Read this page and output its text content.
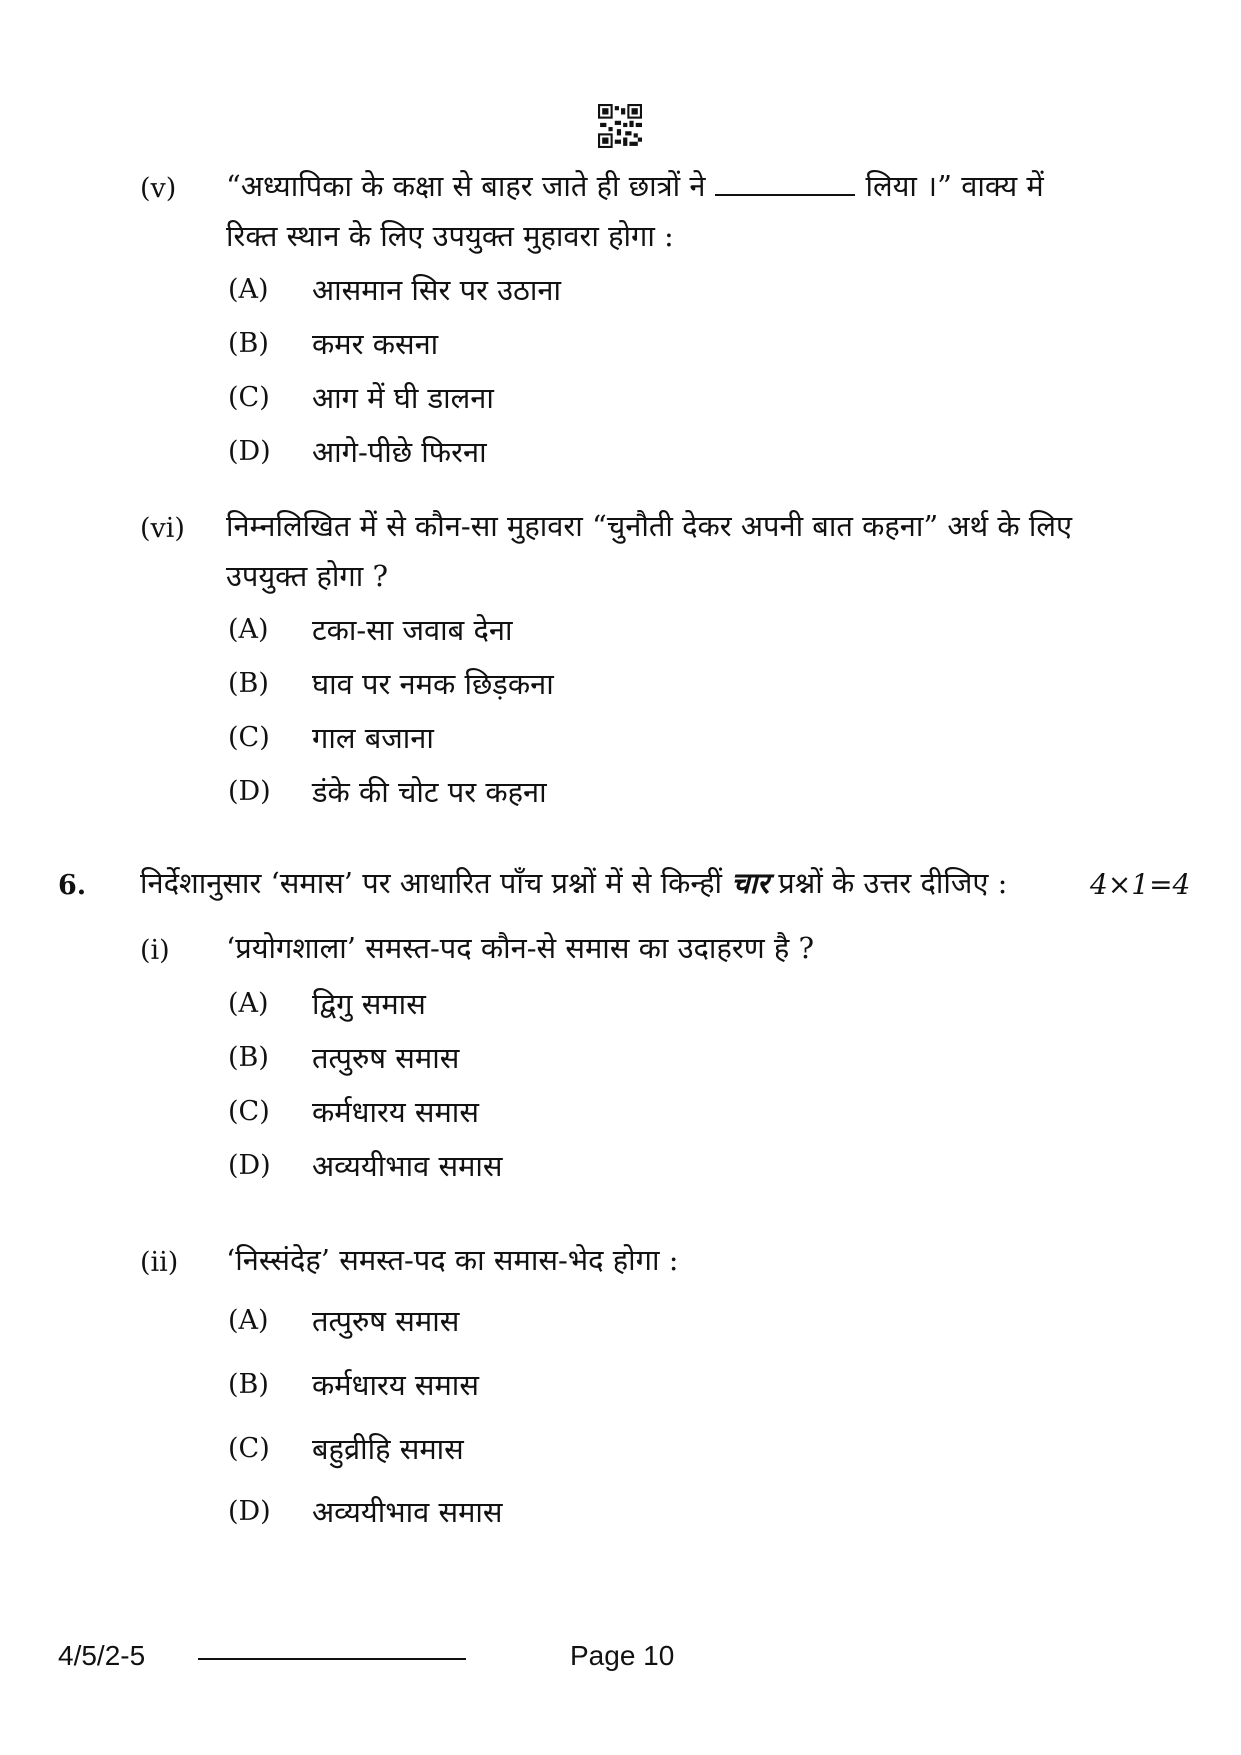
(v) “अध्यापिका के कक्षा से बाहर जाते ही छात्रों ने	लिया ।” वाक्य में
रिक्त स्थान के लिए उपयुक्त मुहावरा होगा :
(A) आसमान सिर पर उठाना
(B) कमर कसना
(C) आग में घी डालना
(D) आगे-पीछे फिरना
(vi) निम्नलिखित में से कौन-सा मुहावरा “चुनौती देकर अपनी बात कहना” अर्थ के लिए
उपयुक्त होगा ?
(A) टका-सा जवाब देना
(B) घाव पर नमक छिड़कना
(C) गाल बजाना
(D) डंके की चोट पर कहना
6. निर्देशानुसार ‘समास’ पर आधारित पाँच प्रश्नों में से किन्हीं चार प्रश्नों के उत्तर दीजिए :	4×1=4
(i) ‘प्रयोगशाला’ समस्त-पद कौन-से समास का उदाहरण है ?
(A) द्विगु समास
(B) तत्पुरुष समास
(C) कर्मधारय समास
(D) अव्ययीभाव समास
(ii) ‘निस्संदेह’ समस्त-पद का समास-भेद होगा :
(A) तत्पुरुष समास
(B) कर्मधारय समास
(C) बहुव्रीहि समास
(D) अव्ययीभाव समास
4/5/2-5	Page 10
